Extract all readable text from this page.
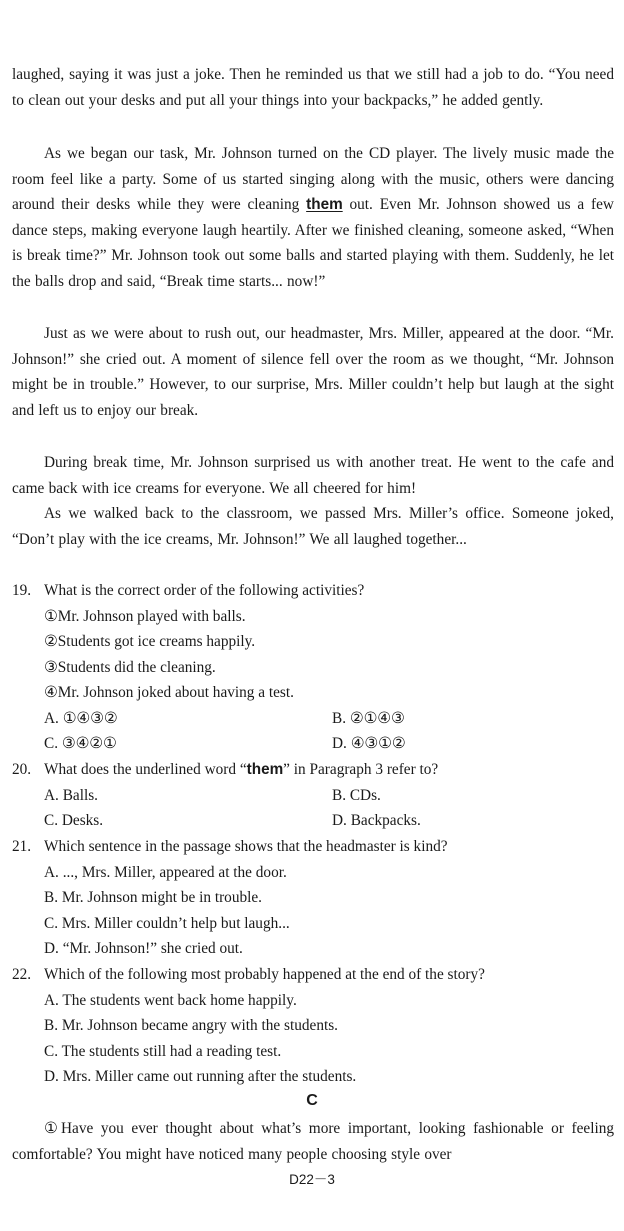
laughed, saying it was just a joke. Then he reminded us that we still had a job to do. “You need to clean out your desks and put all your things into your backpacks,” he added gently.
As we began our task, Mr. Johnson turned on the CD player. The lively music made the room feel like a party. Some of us started singing along with the music, others were dancing around their desks while they were cleaning them out. Even Mr. Johnson showed us a few dance steps, making everyone laugh heartily. After we finished cleaning, someone asked, “When is break time?” Mr. Johnson took out some balls and started playing with them. Suddenly, he let the balls drop and said, “Break time starts... now!”
Just as we were about to rush out, our headmaster, Mrs. Miller, appeared at the door. “Mr. Johnson!” she cried out. A moment of silence fell over the room as we thought, “Mr. Johnson might be in trouble.” However, to our surprise, Mrs. Miller couldn’t help but laugh at the sight and left us to enjoy our break.
During break time, Mr. Johnson surprised us with another treat. He went to the cafe and came back with ice creams for everyone. We all cheered for him!
As we walked back to the classroom, we passed Mrs. Miller’s office. Someone joked, “Don’t play with the ice creams, Mr. Johnson!” We all laughed together...
19. What is the correct order of the following activities?
①Mr. Johnson played with balls.
②Students got ice creams happily.
③Students did the cleaning.
④Mr. Johnson joked about having a test.
A. ①④③②	B. ②①④③
C. ③④②①	D. ④③①②
20. What does the underlined word “them” in Paragraph 3 refer to?
A. Balls.	B. CDs.
C. Desks.	D. Backpacks.
21. Which sentence in the passage shows that the headmaster is kind?
A. ..., Mrs. Miller, appeared at the door.
B. Mr. Johnson might be in trouble.
C. Mrs. Miller couldn’t help but laugh...
D. “Mr. Johnson!” she cried out.
22. Which of the following most probably happened at the end of the story?
A. The students went back home happily.
B. Mr. Johnson became angry with the students.
C. The students still had a reading test.
D. Mrs. Miller came out running after the students.
C
①Have you ever thought about what’s more important, looking fashionable or feeling comfortable? You might have noticed many people choosing style over
D22－3
